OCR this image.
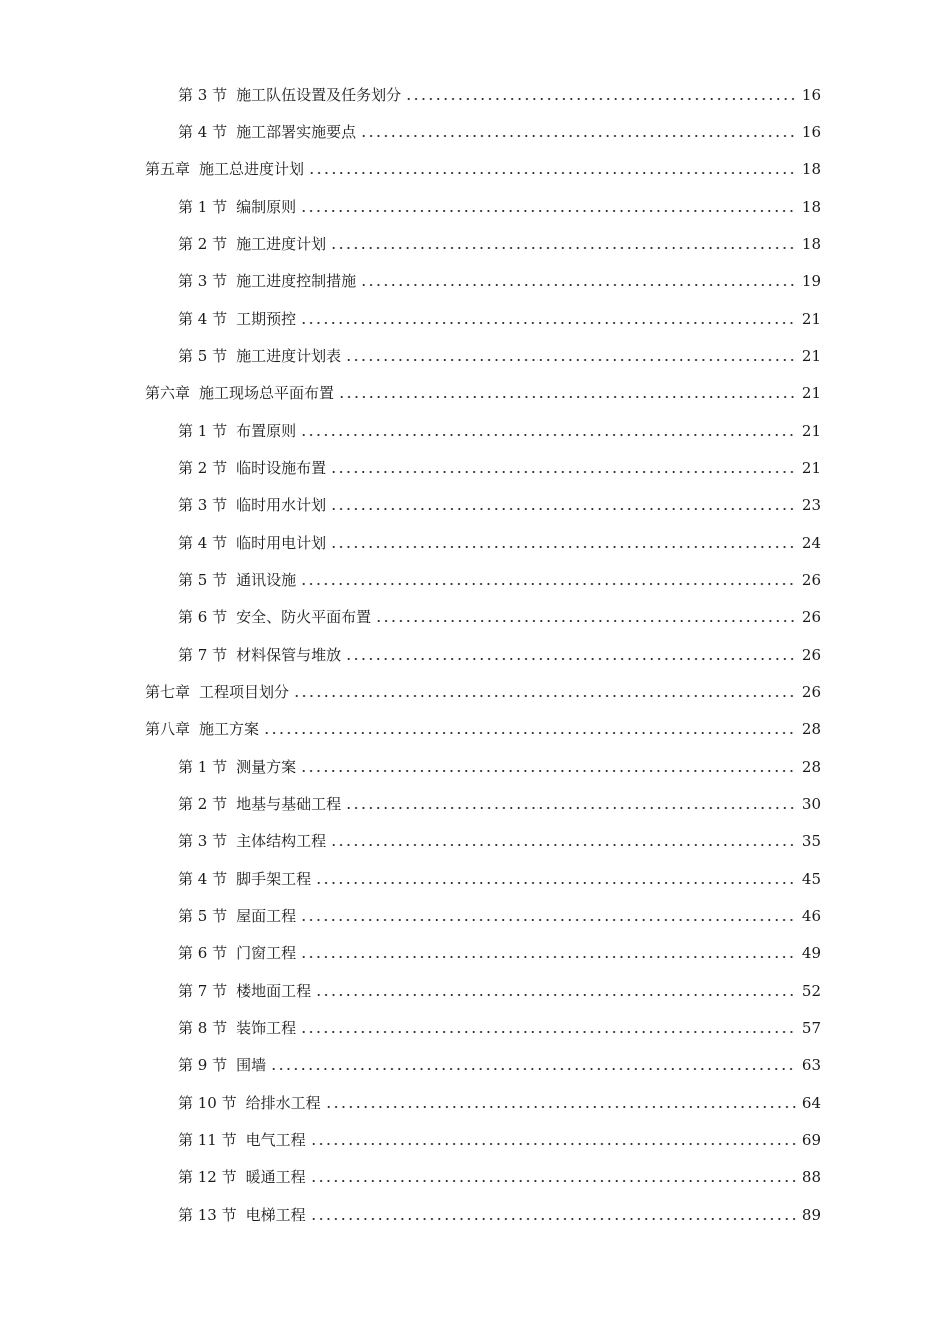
第 3 节 施工队伍设置及任务划分	16
第 4 节 施工部署实施要点	16
第五章 施工总进度计划	18
第 1 节 编制原则	18
第 2 节 施工进度计划	18
第 3 节 施工进度控制措施	19
第 4 节 工期预控	21
第 5 节 施工进度计划表	21
第六章 施工现场总平面布置	21
第 1 节 布置原则	21
第 2 节 临时设施布置	21
第 3 节 临时用水计划	23
第 4 节 临时用电计划	24
第 5 节 通讯设施	26
第 6 节 安全、防火平面布置	26
第 7 节 材料保管与堆放	26
第七章 工程项目划分	26
第八章 施工方案	28
第 1 节 测量方案	28
第 2 节 地基与基础工程	30
第 3 节 主体结构工程	35
第 4 节 脚手架工程	45
第 5 节 屋面工程	46
第 6 节 门窗工程	49
第 7 节 楼地面工程	52
第 8 节 装饰工程	57
第 9 节 围墙	63
第 10 节 给排水工程	64
第 11 节 电气工程	69
第 12 节 暖通工程	88
第 13 节 电梯工程	89
